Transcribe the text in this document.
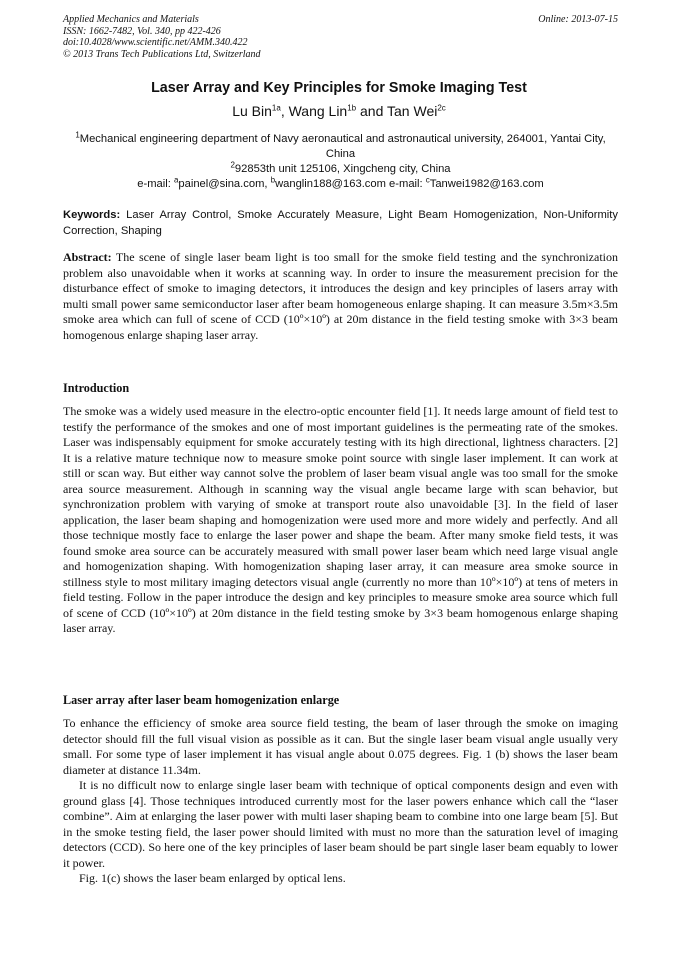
Applied Mechanics and Materials
ISSN: 1662-7482, Vol. 340, pp 422-426
doi:10.4028/www.scientific.net/AMM.340.422
© 2013 Trans Tech Publications Ltd, Switzerland
Online: 2013-07-15
Laser Array and Key Principles for Smoke Imaging Test
Lu Bin$^{1a}$, Wang Lin$^{1b}$ and Tan Wei$^{2c}$
$^1$Mechanical engineering department of Navy aeronautical and astronautical university, 264001, Yantai City, China
$^2$92853th unit 125106, Xingcheng city, China
e-mail: $^a$painel@sina.com, $^b$wanglin188@163.com e-mail: $^c$Tanwei1982@163.com
Keywords: Laser Array Control, Smoke Accurately Measure, Light Beam Homogenization, Non-Uniformity Correction, Shaping
Abstract: The scene of single laser beam light is too small for the smoke field testing and the synchronization problem also unavoidable when it works at scanning way. In order to insure the measurement precision for the disturbance effect of smoke to imaging detectors, it introduces the design and key principles of lasers array with multi small power same semiconductor laser after beam homogeneous enlarge shaping. It can measure 3.5m×3.5m smoke area which can full of scene of CCD (10º×10º) at 20m distance in the field testing smoke with 3×3 beam homogenous enlarge shaping laser array.
Introduction

The smoke was a widely used measure in the electro-optic encounter field [1]. It needs large amount of field test to testify the performance of the smokes and one of most important guidelines is the permeating rate of the smokes. Laser was indispensably equipment for smoke accurately testing with its high directional, lightness characters. [2] It is a relative mature technique now to measure smoke point source with single laser implement. It can work at still or scan way. But either way cannot solve the problem of laser beam visual angle was too small for the smoke area source measurement. Although in scanning way the visual angle became large with scan behavior, but synchronization problem with varying of smoke at transport route also unavoidable [3]. In the field of laser application, the laser beam shaping and homogenization were used more and more widely and perfectly. And all those technique mostly face to enlarge the laser power and shape the beam. After many smoke field tests, it was found smoke area source can be accurately measured with small power laser beam which need large visual angle and homogenization shaping. With homogenization shaping laser array, it can measure area smoke source in stillness style to most military imaging detectors visual angle (currently no more than 10º×10º) at tens of meters in field testing. Follow in the paper introduce the design and key principles to measure smoke area source which full of scene of CCD (10º×10º) at 20m distance in the field testing smoke by 3×3 beam homogenous enlarge shaping laser array.

Laser array after laser beam homogenization enlarge

To enhance the efficiency of smoke area source field testing, the beam of laser through the smoke on imaging detector should fill the full visual vision as possible as it can. But the single laser beam visual angle usually very small. For some type of laser implement it has visual angle about 0.075 degrees. Fig. 1 (b) shows the laser beam diameter at distance 11.34m.

It is no difficult now to enlarge single laser beam with technique of optical components design and even with ground glass [4]. Those techniques introduced currently most for the laser powers enhance which call the “laser combine”. Aim at enlarging the laser power with multi laser shaping beam to combine into one large beam [5]. But in the smoke testing field, the laser power should limited with must no more than the saturation level of imaging detectors (CCD). So here one of the key principles of laser beam should be part single laser beam equably to lower it power.

Fig. 1(c) shows the laser beam enlarged by optical lens.
